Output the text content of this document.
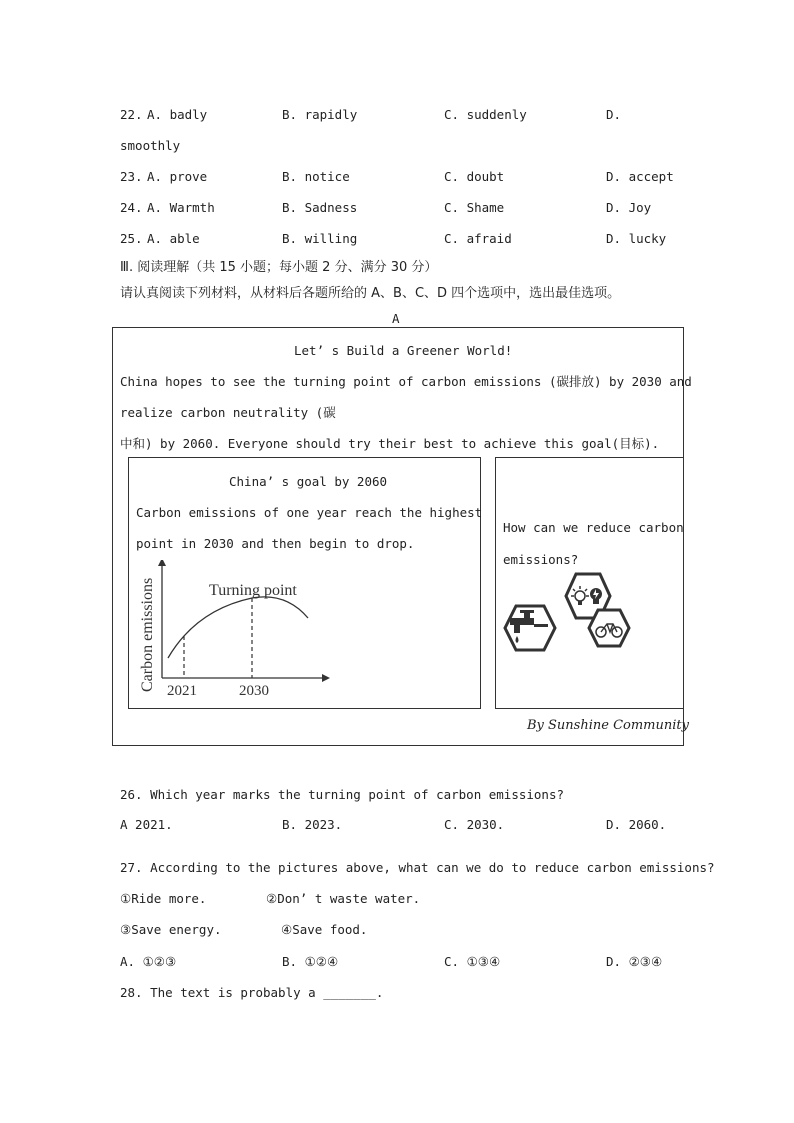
22. A. badly	B. rapidly	C. suddenly	D.
smoothly
23. A. prove	B. notice	C. doubt	D. accept
24. A. Warmth	B. Sadness	C. Shame	D. Joy
25. A. able	B. willing	C. afraid	D. lucky
Ⅲ. 阅读理解（共 15 小题；每小题 2 分、满分 30 分）
请认真阅读下列材料，从材料后各题所给的 A、B、C、D 四个选项中，选出最佳选项。
A
Let’ s Build a Greener World!
China hopes to see the turning point of carbon emissions (碳排放) by 2030 and
realize carbon neutrality (碳
中和) by 2060. Everyone should try their best to achieve this goal(目标).
China’ s goal by 2060
Carbon emissions of one year reach the highest
point in 2030 and then begin to drop.
Carbon emissions	Turning point
2021	2030
How can we reduce carbon
emissions?
By Sunshine Community
26. Which year marks the turning point of carbon emissions?
A 2021.	B. 2023.	C. 2030.	D. 2060.
27. According to the pictures above, what can we do to reduce carbon emissions?
①Ride more.	②Don’ t waste water.
③Save energy.	④Save food.
A. ①②③	B. ①②④	C. ①③④	D. ②③④
28. The text is probably a _______.
